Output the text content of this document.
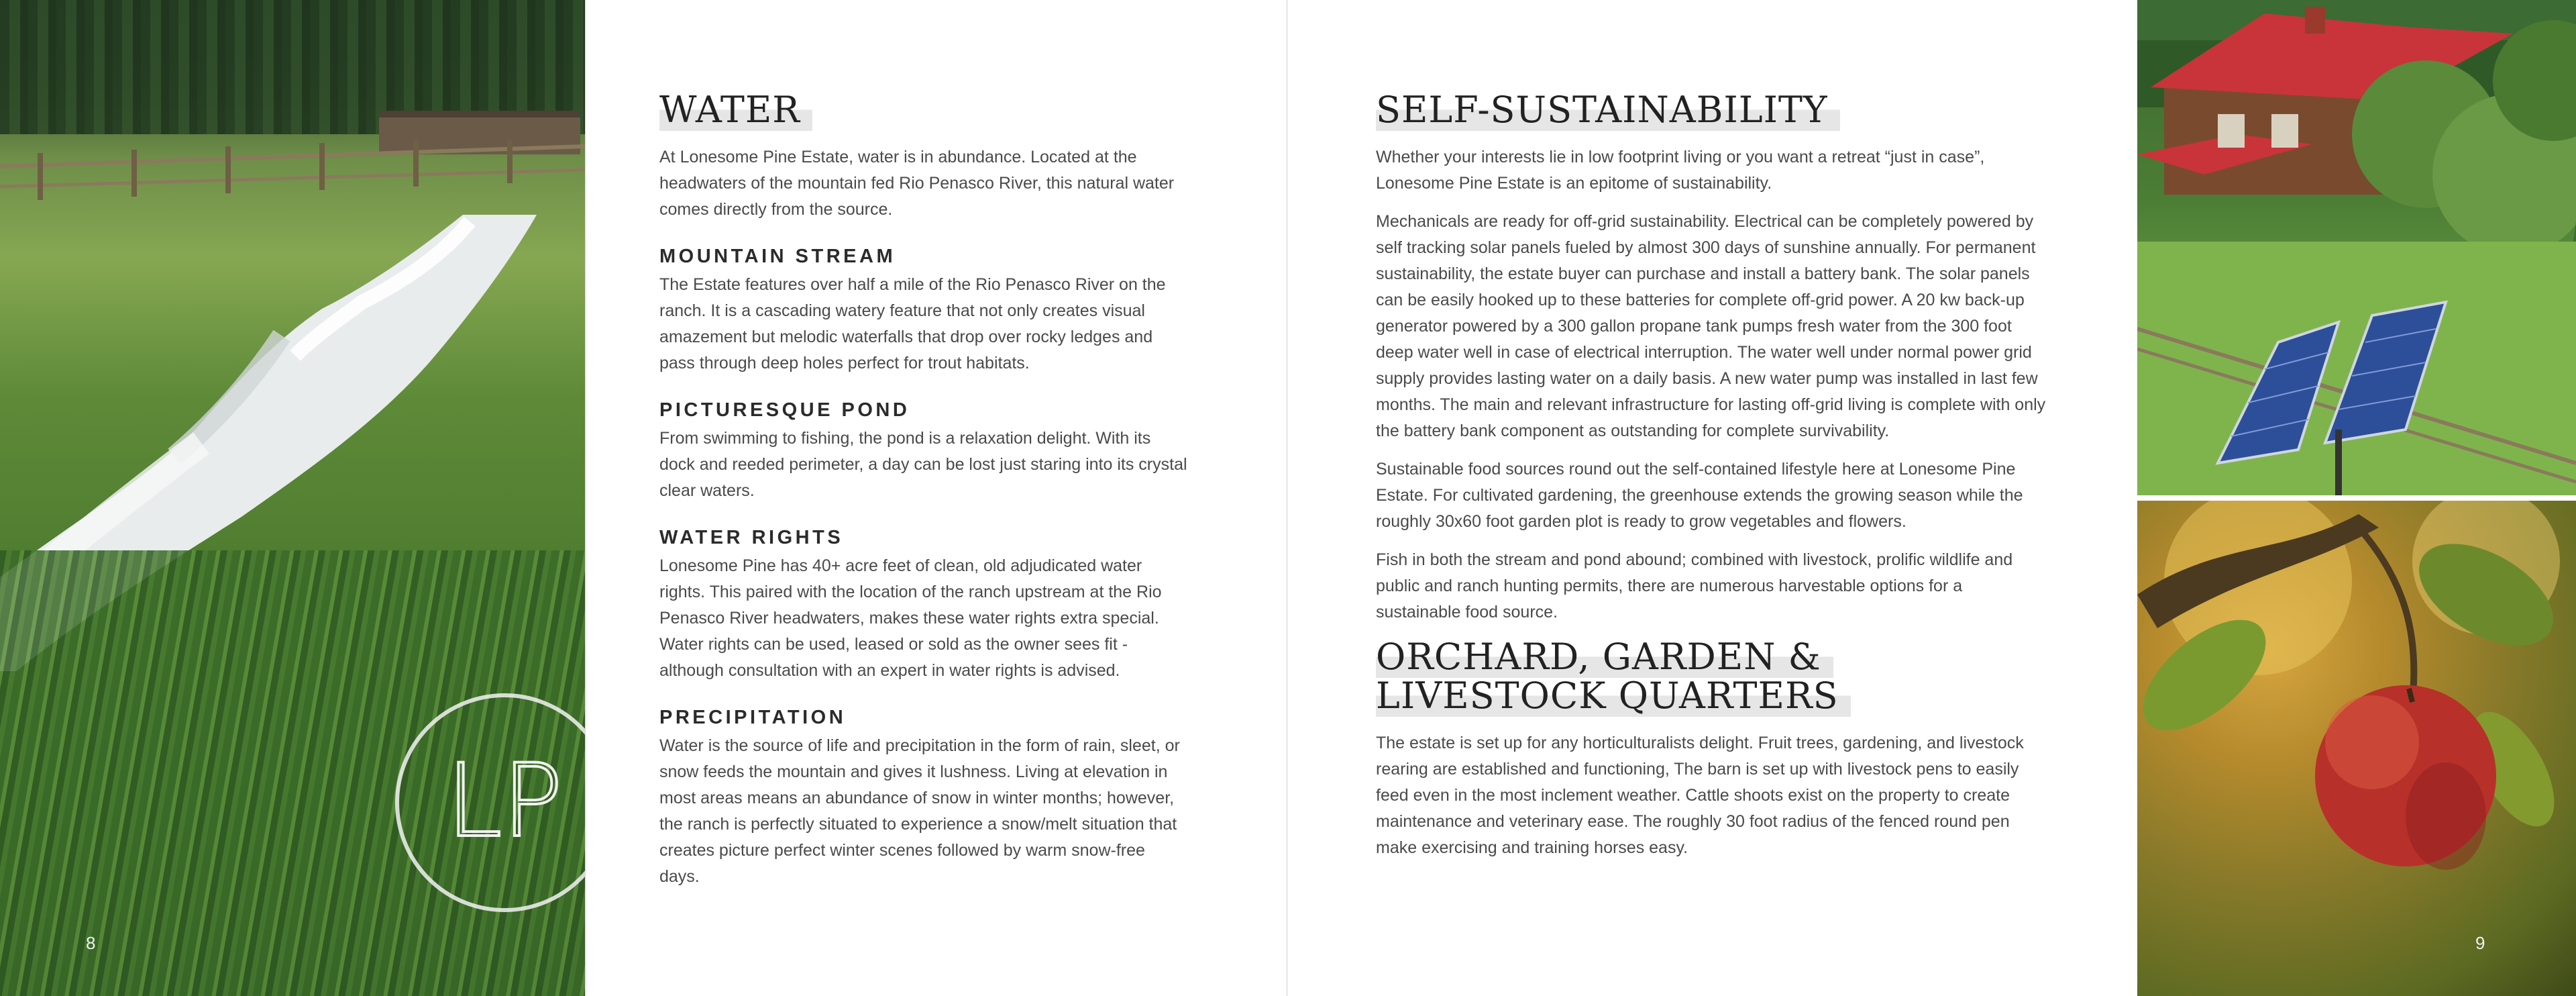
LP
8
WATER

At Lonesome Pine Estate, water is in abundance. Located at the headwaters of the mountain fed Rio Penasco River, this natural water comes directly from the source.

MOUNTAIN STREAM

The Estate features over half a mile of the Rio Penasco River on the ranch. It is a cascading watery feature that not only creates visual amazement but melodic waterfalls that drop over rocky ledges and pass through deep holes perfect for trout habitats.

PICTURESQUE POND

From swimming to fishing, the pond is a relaxation delight. With its dock and reeded perimeter, a day can be lost just staring into its crystal clear waters.

WATER RIGHTS

Lonesome Pine has 40+ acre feet of clean, old adjudicated water rights. This paired with the location of the ranch upstream at the Rio Penasco River headwaters, makes these water rights extra special. Water rights can be used, leased or sold as the owner sees fit - although consultation with an expert in water rights is advised.

PRECIPITATION

Water is the source of life and precipitation in the form of rain, sleet, or snow feeds the mountain and gives it lushness. Living at elevation in most areas means an abundance of snow in winter months; however, the ranch is perfectly situated to experience a snow/melt situation that creates picture perfect winter scenes followed by warm snow-free days.

SELF-SUSTAINABILITY

Whether your interests lie in low footprint living or you want a retreat “just in case”, Lonesome Pine Estate is an epitome of sustainability.

Mechanicals are ready for off-grid sustainability. Electrical can be completely powered by self tracking solar panels fueled by almost 300 days of sunshine annually. For permanent sustainability, the estate buyer can purchase and install a battery bank. The solar panels can be easily hooked up to these batteries for complete off-grid power. A 20 kw back-up generator powered by a 300 gallon propane tank pumps fresh water from the 300 foot deep water well in case of electrical interruption. The water well under normal power grid supply provides lasting water on a daily basis. A new water pump was installed in last few months. The main and relevant infrastructure for lasting off-grid living is complete with only the battery bank component as outstanding for complete survivability.

Sustainable food sources round out the self-contained lifestyle here at Lonesome Pine Estate. For cultivated gardening, the greenhouse extends the growing season while the roughly 30x60 foot garden plot is ready to grow vegetables and flowers.

Fish in both the stream and pond abound; combined with livestock, prolific wildlife and public and ranch hunting permits, there are numerous harvestable options for a sustainable food source.

ORCHARD, GARDEN & LIVESTOCK QUARTERS

The estate is set up for any horticulturalists delight. Fruit trees, gardening, and livestock rearing are established and functioning, The barn is set up with livestock pens to easily feed even in the most inclement weather. Cattle shoots exist on the property to create maintenance and veterinary ease. The roughly 30 foot radius of the fenced round pen make exercising and training horses easy.

9
